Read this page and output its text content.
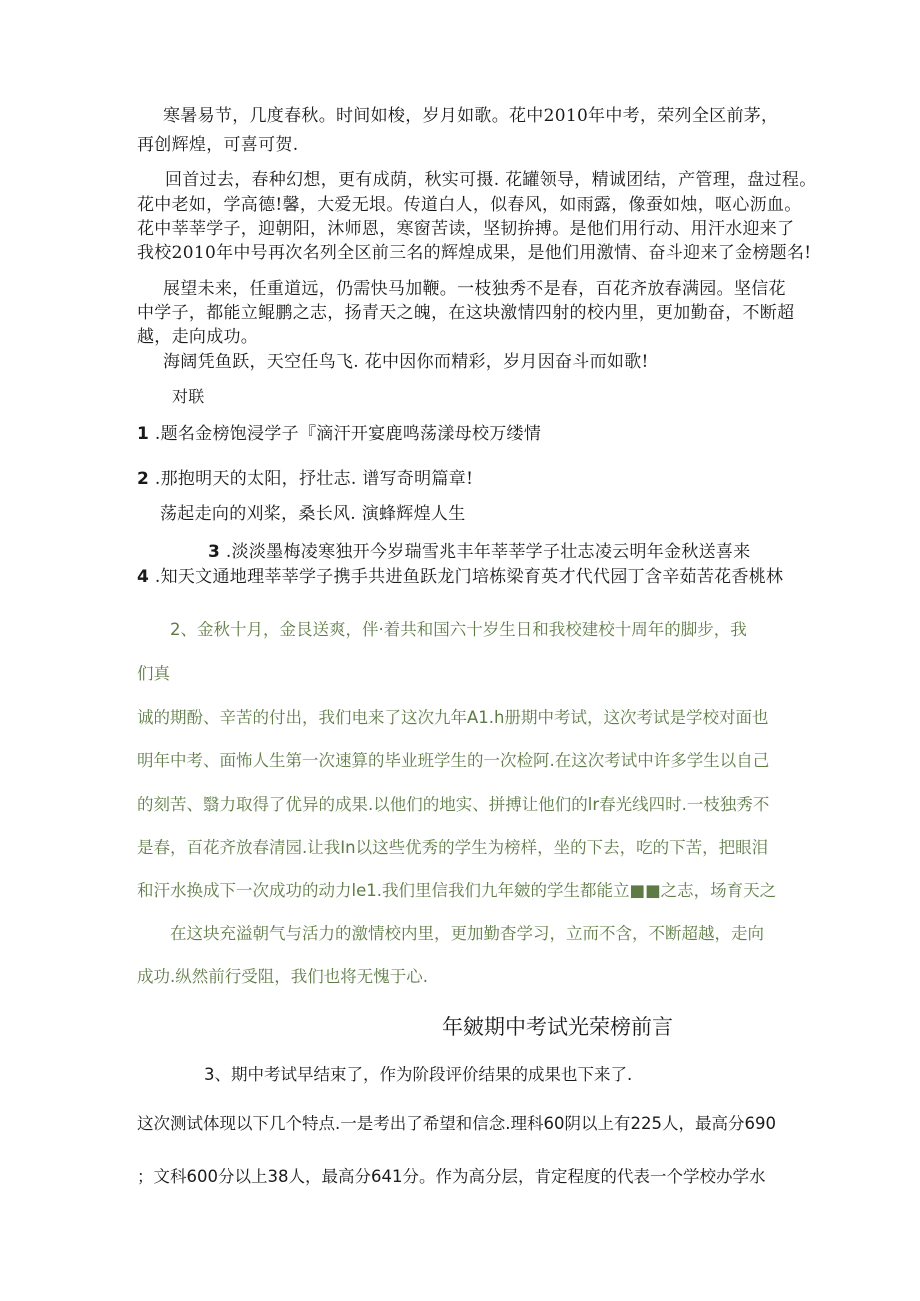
寒暑易节，几度春秋。时间如梭，岁月如歌。花中2010年中考，荣列全区前茅，
再创辉煌，可喜可贺.
回首过去，春种幻想，更有成荫，秋实可摄. 花罐领导，精诚团结，产管理，盘过程。
花中老如，学高德!馨，大爱无垠。传道白人，似春风，如雨露，像蚕如烛，呕心沥血。
花中莘莘学子，迎朝阳，沐师恩，寒窗苦读，坚韧拚搏。是他们用行动、用汗水迎来了
我校2010年中号再次名列全区前三名的辉煌成果，是他们用激情、奋斗迎来了金榜题名!
展望未来，任重道远，仍需快马加鞭。一枝独秀不是春，百花齐放春满园。坚信花
中学子，都能立鲲鹏之志，扬青天之魄，在这块激情四射的校内里，更加勤奋，不断超
越，走向成功。
海阔凭鱼跃，天空任鸟飞. 花中因你而精彩，岁月因奋斗而如歌!
对联
1 .题名金榜饱浸学子『滴汗开宴鹿鸣荡漾母校万缕情
2 .那抱明天的太阳，抒壮志. 谱写奇明篇章!
荡起走向的刈桨，桑长风. 演蜂辉煌人生
3 .淡淡墨梅凌寒独开今岁瑞雪兆丰年莘莘学子壮志凌云明年金秋送喜来
4 .知天文通地理莘莘学子携手共进鱼跃龙门培栋梁育英才代代园丁含辛茹苦花香桃林
2、金秋十月，金艮送爽，伴·着共和国六十岁生日和我校建校十周年的脚步，我
们真
诚的期酚、辛苦的付出，我们电来了这次九年A1.h册期中考试，这次考试是学校对面也
明年中考、面怖人生第一次速算的毕业班学生的一次检阿.在这次考试中许多学生以自己
的刻苦、翳力取得了优异的成果.以他们的地实、拼搏让他们的lr春光线四时.一枝独秀不
是春，百花齐放春清园.让我In以这些优秀的学生为榜样，坐的下去，吃的下苦，把眼泪
和汗水换成下一次成功的动力le1.我们里信我们九年皴的学生都能立■■之志，场育天之
在这块充溢朝气与活力的激情校内里，更加勤杳学习，立而不含，不断超越，走向
成功.纵然前行受阻，我们也将无愧于心.
年皴期中考试光荣榜前言
3、期中考试早结束了，作为阶段评价结果的成果也下来了.
这次测试体现以下几个特点.一是考出了希望和信念.理科60阴以上有225人，最高分690
；文科600分以上38人，最高分641分。作为高分层，肯定程度的代表一个学校办学水
